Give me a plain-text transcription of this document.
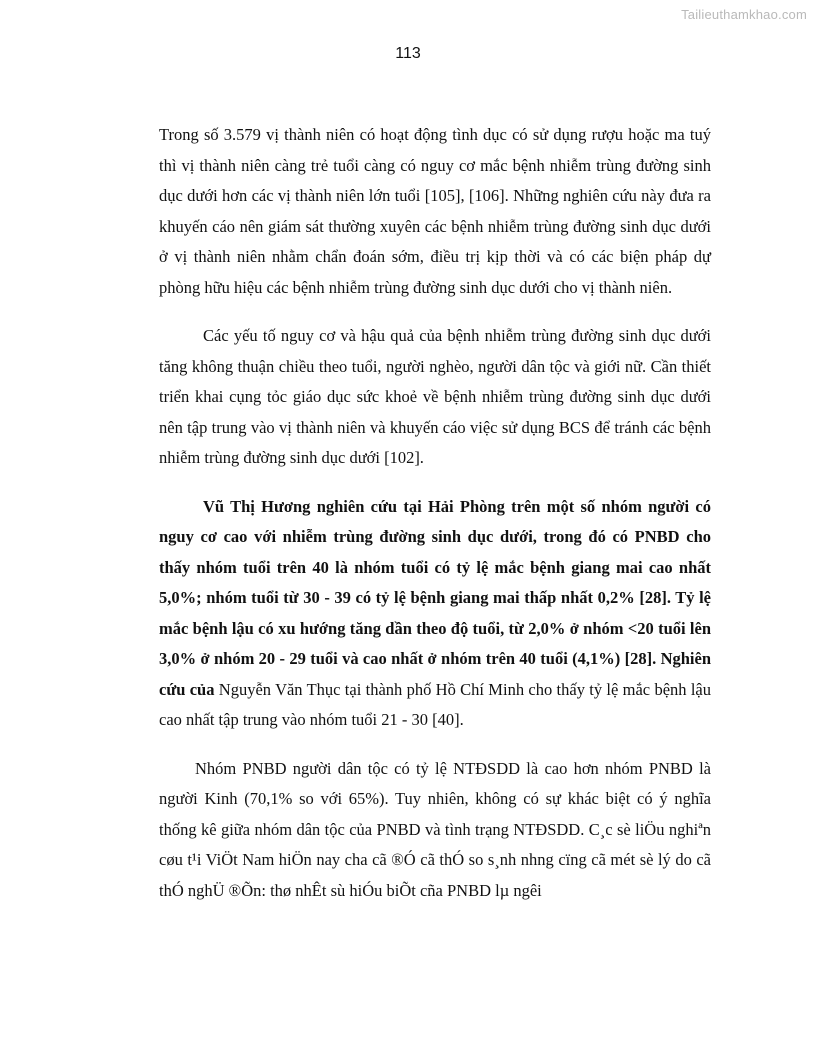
Tailieuthamkhao.com
113

Trong số 3.579 vị thành niên có hoạt động tình dục có sử dụng rượu hoặc ma tuý thì vị thành niên càng trẻ tuổi càng có nguy cơ mắc bệnh nhiễm trùng đường sinh dục dưới hơn các vị thành niên lớn tuổi [105], [106]. Những nghiên cứu này đưa ra khuyến cáo nên giám sát thường xuyên các bệnh nhiễm trùng đường sinh dục dưới ở vị thành niên nhằm chẩn đoán sớm, điều trị kịp thời và có các biện pháp dự phòng hữu hiệu các bệnh nhiễm trùng đường sinh dục dưới cho vị thành niên.

Các yếu tố nguy cơ và hậu quả của bệnh nhiễm trùng đường sinh dục dưới tăng không thuận chiều theo tuổi, người nghèo, người dân tộc và giới nữ. Cần thiết triển khai cụng tỏc giáo dục sức khoẻ về bệnh nhiễm trùng đường sinh dục dưới nên tập trung vào vị thành niên và khuyến cáo việc sử dụng BCS để tránh các bệnh nhiễm trùng đường sinh dục dưới [102].

Vũ Thị Hương nghiên cứu tại Hải Phòng trên một số nhóm người có nguy cơ cao với nhiễm trùng đường sinh dục dưới, trong đó có PNBD cho thấy nhóm tuổi trên 40 là nhóm tuổi có tỷ lệ mắc bệnh giang mai cao nhất 5,0%; nhóm tuổi từ 30 - 39 có tỷ lệ bệnh giang mai thấp nhất 0,2% [28]. Tỷ lệ mắc bệnh lậu có xu hướng tăng dần theo độ tuổi, từ 2,0% ở nhóm <20 tuổi lên 3,0% ở nhóm 20 - 29 tuổi và cao nhất ở nhóm trên 40 tuổi (4,1%) [28]. Nghiên cứu của Nguyễn Văn Thục tại thành phố Hồ Chí Minh cho thấy tỷ lệ mắc bệnh lậu cao nhất tập trung vào nhóm tuổi 21 - 30 [40].

Nhóm PNBD người dân tộc có tỷ lệ NTĐSDD là cao hơn nhóm PNBD là người Kinh (70,1% so với 65%). Tuy nhiên, không có sự khác biệt có ý nghĩa thống kê giữa nhóm dân tộc của PNBD và tình trạng NTĐSDD. C¸c sè liÖu nghiªn cøu t¹i ViÖt Nam hiÖn nay cha cã ®Ó cã thÓ so s¸nh nhng cïng cã mét sè lý do cã thÓ nghÜ ®Õn: thø nhÊt sù hiÓu biÕt cña PNBD lµ ngêi
